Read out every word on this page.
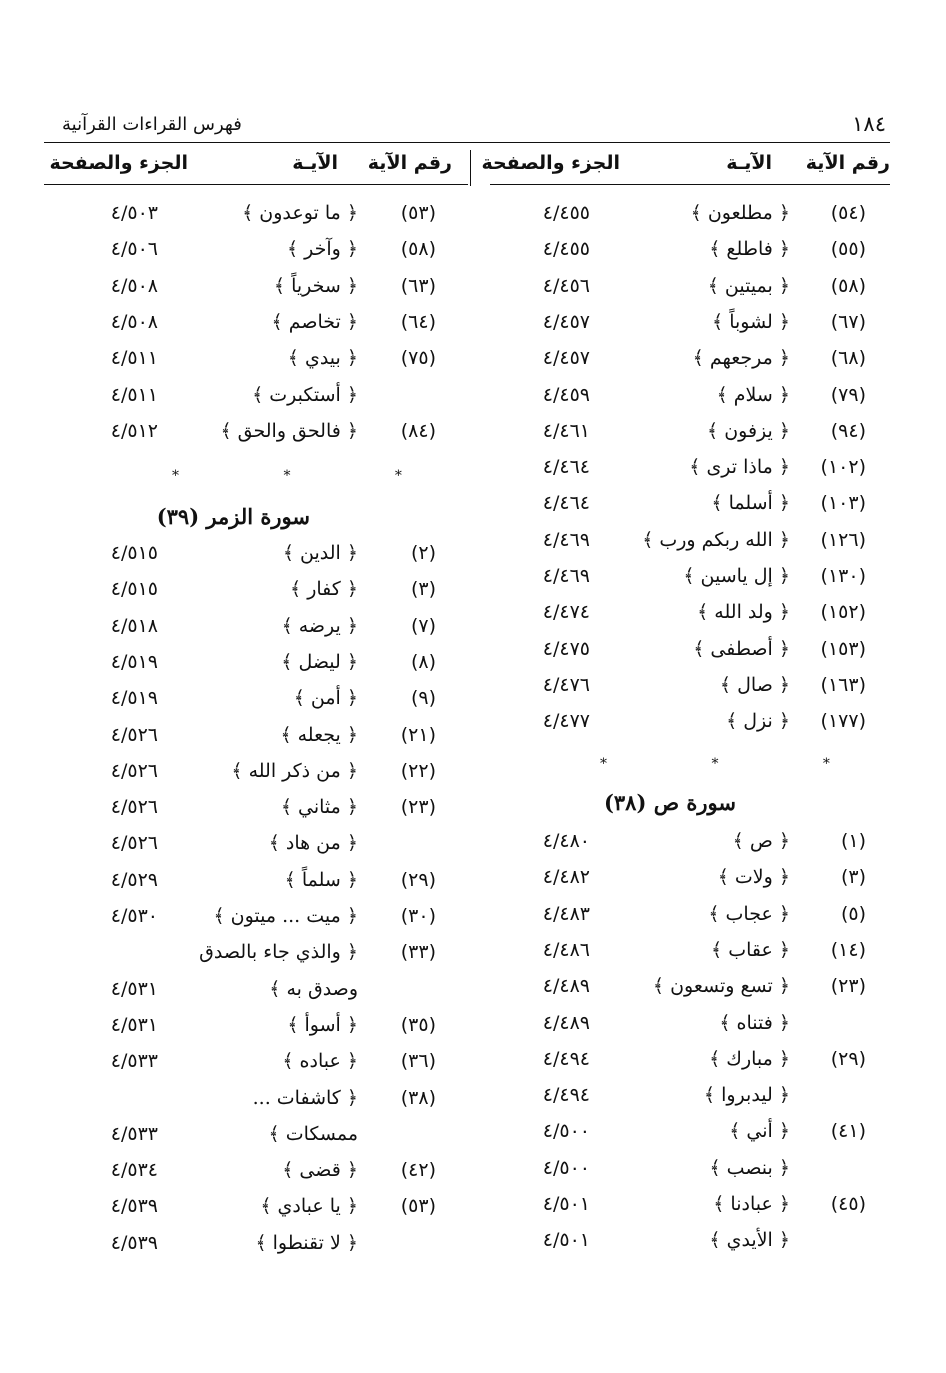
١٨٤
فهرس القراءات القرآنية
رقم الآية
الآيـة
الجزء والصفحة
رقم الآية
الآيـة
الجزء والصفحة
(٥٤)
﴿ مطلعون ﴾
٤/٤٥٥
(٥٥)
﴿ فاطلع ﴾
٤/٤٥٥
(٥٨)
﴿ بميتين ﴾
٤/٤٥٦
(٦٧)
﴿ لشوباً ﴾
٤/٤٥٧
(٦٨)
﴿ مرجعهم ﴾
٤/٤٥٧
(٧٩)
﴿ سلام ﴾
٤/٤٥٩
(٩٤)
﴿ يزفون ﴾
٤/٤٦١
(١٠٢)
﴿ ماذا ترى ﴾
٤/٤٦٤
(١٠٣)
﴿ أسلما ﴾
٤/٤٦٤
(١٢٦)
﴿ الله ربكم ورب ﴾
٤/٤٦٩
(١٣٠)
﴿ إل ياسين ﴾
٤/٤٦٩
(١٥٢)
﴿ ولد الله ﴾
٤/٤٧٤
(١٥٣)
﴿ أصطفى ﴾
٤/٤٧٥
(١٦٣)
﴿ صال ﴾
٤/٤٧٦
(١٧٧)
﴿ نزل ﴾
٤/٤٧٧
* * *
سورة ص (٣٨)
(١)
﴿ ص ﴾
٤/٤٨٠
(٣)
﴿ ولات ﴾
٤/٤٨٢
(٥)
﴿ عجاب ﴾
٤/٤٨٣
(١٤)
﴿ عقاب ﴾
٤/٤٨٦
(٢٣)
﴿ تسع وتسعون ﴾
٤/٤٨٩
﴿ فتناه ﴾
٤/٤٨٩
(٢٩)
﴿ مبارك ﴾
٤/٤٩٤
﴿ ليدبروا ﴾
٤/٤٩٤
(٤١)
﴿ أني ﴾
٤/٥٠٠
﴿ بنصب ﴾
٤/٥٠٠
(٤٥)
﴿ عبادنا ﴾
٤/٥٠١
﴿ الأيدي ﴾
٤/٥٠١
(٥٣)
﴿ ما توعدون ﴾
٤/٥٠٣
(٥٨)
﴿ وآخر ﴾
٤/٥٠٦
(٦٣)
﴿ سخرياً ﴾
٤/٥٠٨
(٦٤)
﴿ تخاصم ﴾
٤/٥٠٨
(٧٥)
﴿ بيدي ﴾
٤/٥١١
﴿ أستكبرت ﴾
٤/٥١١
(٨٤)
﴿ فالحق والحق ﴾
٤/٥١٢
* * *
سورة الزمر (٣٩)
(٢)
﴿ الدين ﴾
٤/٥١٥
(٣)
﴿ كفار ﴾
٤/٥١٥
(٧)
﴿ يرضه ﴾
٤/٥١٨
(٨)
﴿ ليضل ﴾
٤/٥١٩
(٩)
﴿ أمن ﴾
٤/٥١٩
(٢١)
﴿ يجعله ﴾
٤/٥٢٦
(٢٢)
﴿ من ذكر الله ﴾
٤/٥٢٦
(٢٣)
﴿ مثاني ﴾
٤/٥٢٦
﴿ من هاد ﴾
٤/٥٢٦
(٢٩)
﴿ سلماً ﴾
٤/٥٢٩
(٣٠)
﴿ ميت ... ميتون ﴾
٤/٥٣٠
(٣٣)
﴿ والذي جاء بالصدق
وصدق به ﴾
٤/٥٣١
(٣٥)
﴿ أسوأ ﴾
٤/٥٣١
(٣٦)
﴿ عباده ﴾
٤/٥٣٣
(٣٨)
﴿ كاشفات ...
ممسكات ﴾
٤/٥٣٣
(٤٢)
﴿ قضى ﴾
٤/٥٣٤
(٥٣)
﴿ يا عبادي ﴾
٤/٥٣٩
﴿ لا تقنطوا ﴾
٤/٥٣٩
